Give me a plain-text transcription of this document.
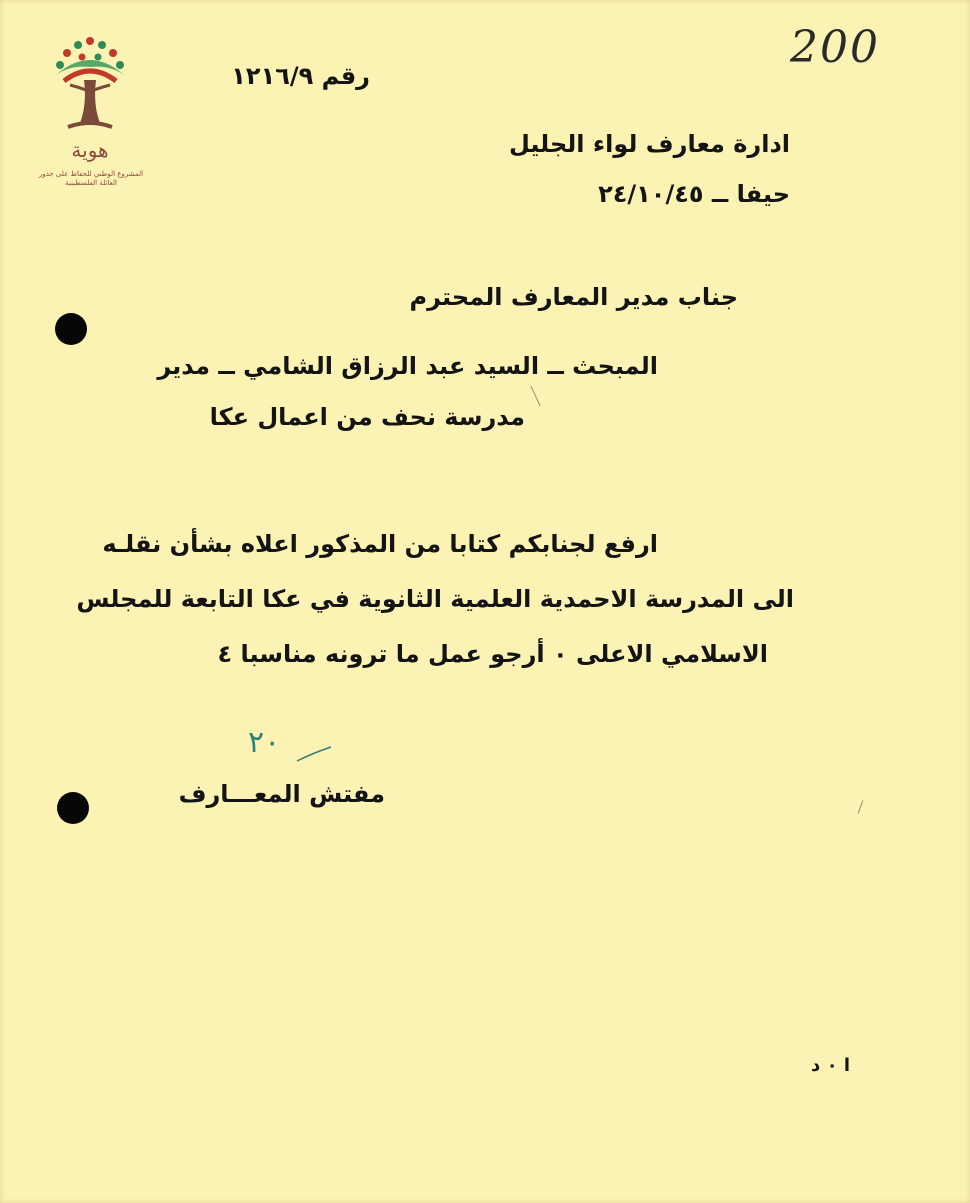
هوية
المشروع الوطني للحفاظ على جذور العائلة الفلسطينية
200
رقم ١٢١٦/٩
ادارة معارف لواء الجليل
حيفا ــ ٢٤/١٠/٤٥
جناب مدير المعارف المحترم
المبحث ــ السيد عبد الرزاق الشامي ــ مدير
مدرسة نحف من اعمال عكا
ارفع لجنابكم كتابا من المذكور اعلاه بشأن نقلـه
الى المدرسة الاحمدية العلمية الثانوية في عكا التابعة للمجلس
الاسلامي الاعلى ٠ أرجو عمل ما ترونه مناسبا ٤
٢٠
مفتش المعـــارف
ا ٠ د
